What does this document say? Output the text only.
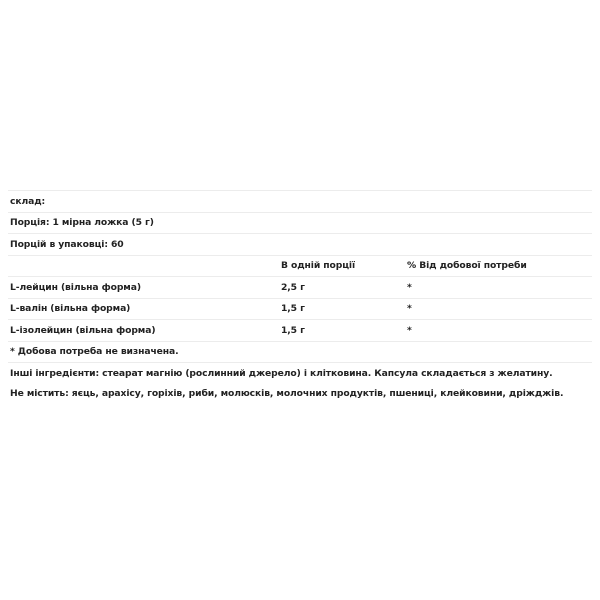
склад:		
Порція: 1 мірна ложка (5 г)		
Порцій в упаковці: 60		
	В одній порції	% Від добової потреби
L-лейцин (вільна форма)	2,5 г	*
L-валін (вільна форма)	1,5 г	*
L-ізолейцин (вільна форма)	1,5 г	*
* Добова потреба не визначена.		

Інші інгредієнти: стеарат магнію (рослинний джерело) і клітковина. Капсула складається з желатину.

Не містить: яєць, арахісу, горіхів, риби, молюсків, молочних продуктів, пшениці, клейковини, дріжджів.
